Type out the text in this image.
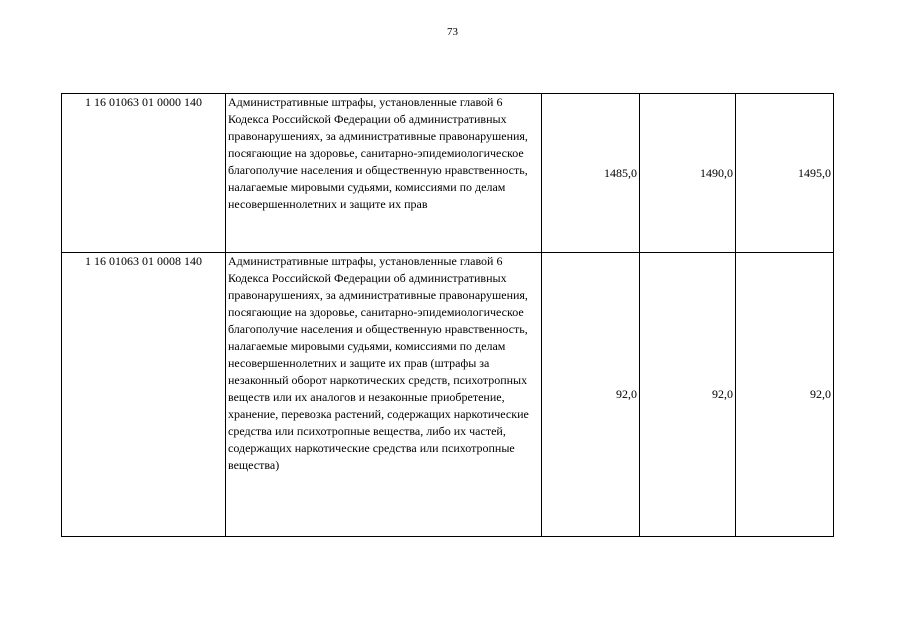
73
1 16 01063 01 0000 140	Административные штрафы, установленные главой 6 Кодекса Российской Федерации об административных правонарушениях, за административные правонарушения, посягающие на здоровье, санитарно-эпидемиологическое благополучие населения и общественную нравственность, налагаемые мировыми судьями, комиссиями по делам несовершеннолетних и защите их прав	1485,0	1490,0	1495,0
1 16 01063 01 0008 140	Административные штрафы, установленные главой 6 Кодекса Российской Федерации об административных правонарушениях, за административные правонарушения, посягающие на здоровье, санитарно-эпидемиологическое благополучие населения и общественную нравственность, налагаемые мировыми судьями, комиссиями по делам несовершеннолетних и защите их прав (штрафы за незаконный оборот наркотических средств, психотропных веществ или их аналогов и незаконные приобретение, хранение, перевозка растений, содержащих наркотические средства или психотропные вещества, либо их частей, содержащих наркотические средства или психотропные вещества)	92,0	92,0	92,0
